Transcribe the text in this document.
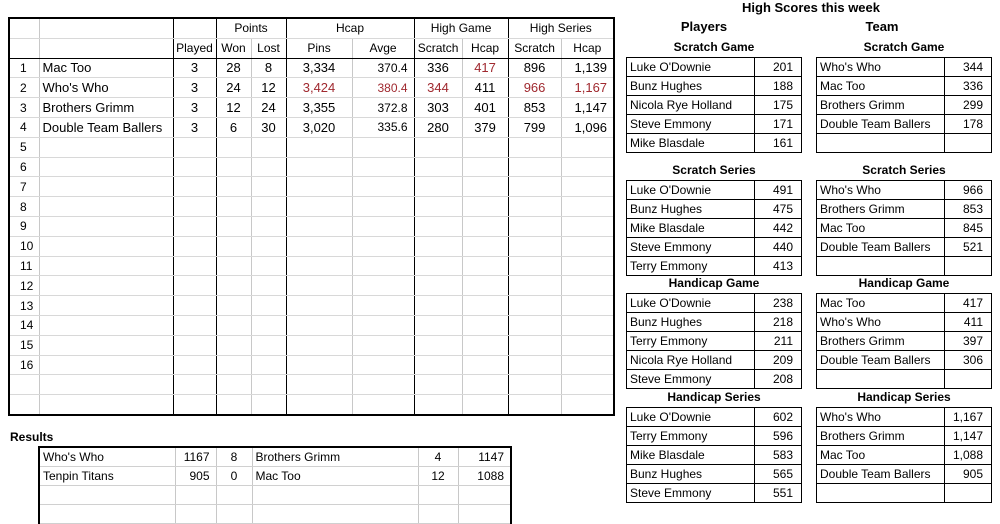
			Points		Hcap		High Game		High Series	
		Played	Won	Lost	Pins	Avge	Scratch	Hcap	Scratch	Hcap
1	Mac Too	3	28	8	3,334	370.4	336	417	896	1,139
2	Who's Who	3	24	12	3,424	380.4	344	411	966	1,167
3	Brothers Grimm	3	12	24	3,355	372.8	303	401	853	1,147
4	Double Team Ballers	3	6	30	3,020	335.6	280	379	799	1,096
5										
6										
7										
8										
9										
10										
11										
12										
13										
14										
15										
16										

Results
Who's Who	1167	8	Brothers Grimm	4	1147
Tenpin Titans	905	0	Mac Too	12	1088

High Scores this week
Players	Team
Scratch Game
Luke O'Downie	201
Bunz Hughes	188
Nicola Rye Holland	175
Steve Emmony	171
Mike Blasdale	161
Scratch Series
Luke O'Downie	491
Bunz Hughes	475
Mike Blasdale	442
Steve Emmony	440
Terry Emmony	413
Handicap Game
Luke O'Downie	238
Bunz Hughes	218
Terry Emmony	211
Nicola Rye Holland	209
Steve Emmony	208
Handicap Series
Luke O'Downie	602
Terry Emmony	596
Mike Blasdale	583
Bunz Hughes	565
Steve Emmony	551
Scratch Game
Who's Who	344
Mac Too	336
Brothers Grimm	299
Double Team Ballers	178

Scratch Series
Who's Who	966
Brothers Grimm	853
Mac Too	845
Double Team Ballers	521

Handicap Game
Mac Too	417
Who's Who	411
Brothers Grimm	397
Double Team Ballers	306

Handicap Series
Who's Who	1,167
Brothers Grimm	1,147
Mac Too	1,088
Double Team Ballers	905
